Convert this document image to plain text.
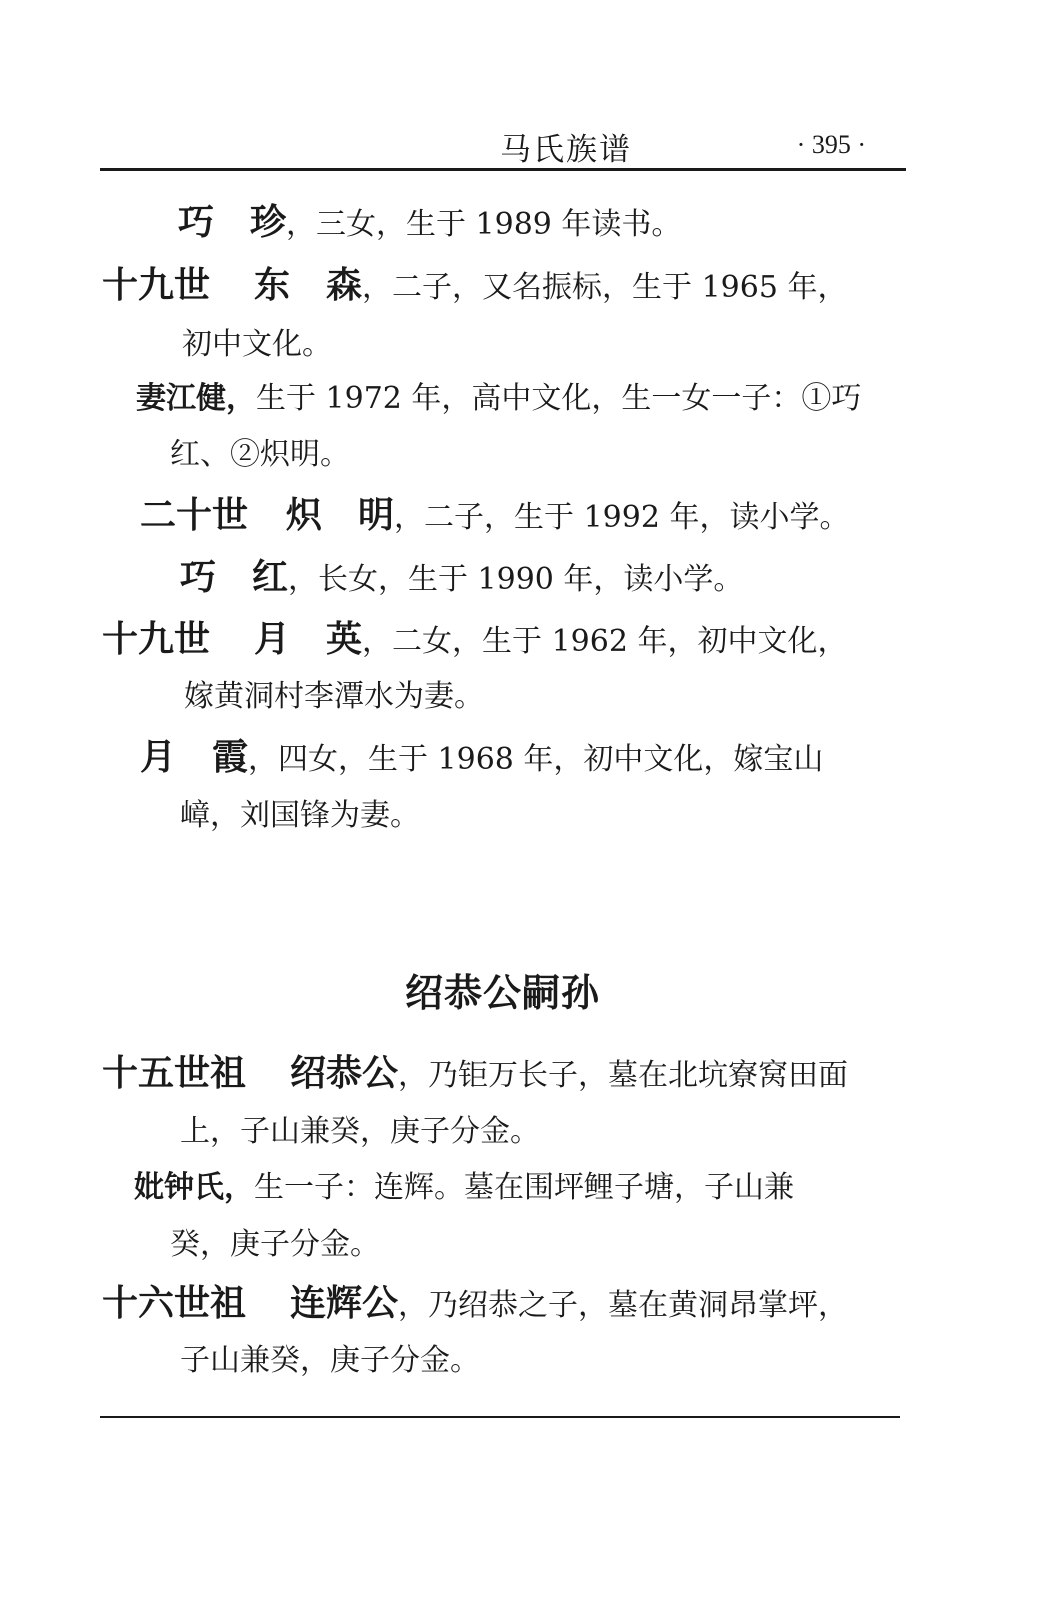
马氏族谱	· 395 ·
巧　珍，三女，生于 1989 年读书。
十九世 东　森，二子，又名振标，生于 1965 年，
初中文化。
妻江健，生于 1972 年，高中文化，生一女一子：①巧
红、②炽明。
二十世 炽　明，二子，生于 1992 年，读小学。
巧　红，长女，生于 1990 年，读小学。
十九世 月　英，二女，生于 1962 年，初中文化，
嫁黄洞村李潭水为妻。
月　霞，四女，生于 1968 年，初中文化，嫁宝山
嶂，刘国锋为妻。
绍恭公嗣孙
十五世祖 绍恭公，乃钜万长子，墓在北坑寮窝田面
上，子山兼癸，庚子分金。
妣钟氏，生一子：连辉。墓在围坪鲤子塘，子山兼
癸，庚子分金。
十六世祖 连辉公，乃绍恭之子，墓在黄洞昂掌坪，
子山兼癸，庚子分金。
